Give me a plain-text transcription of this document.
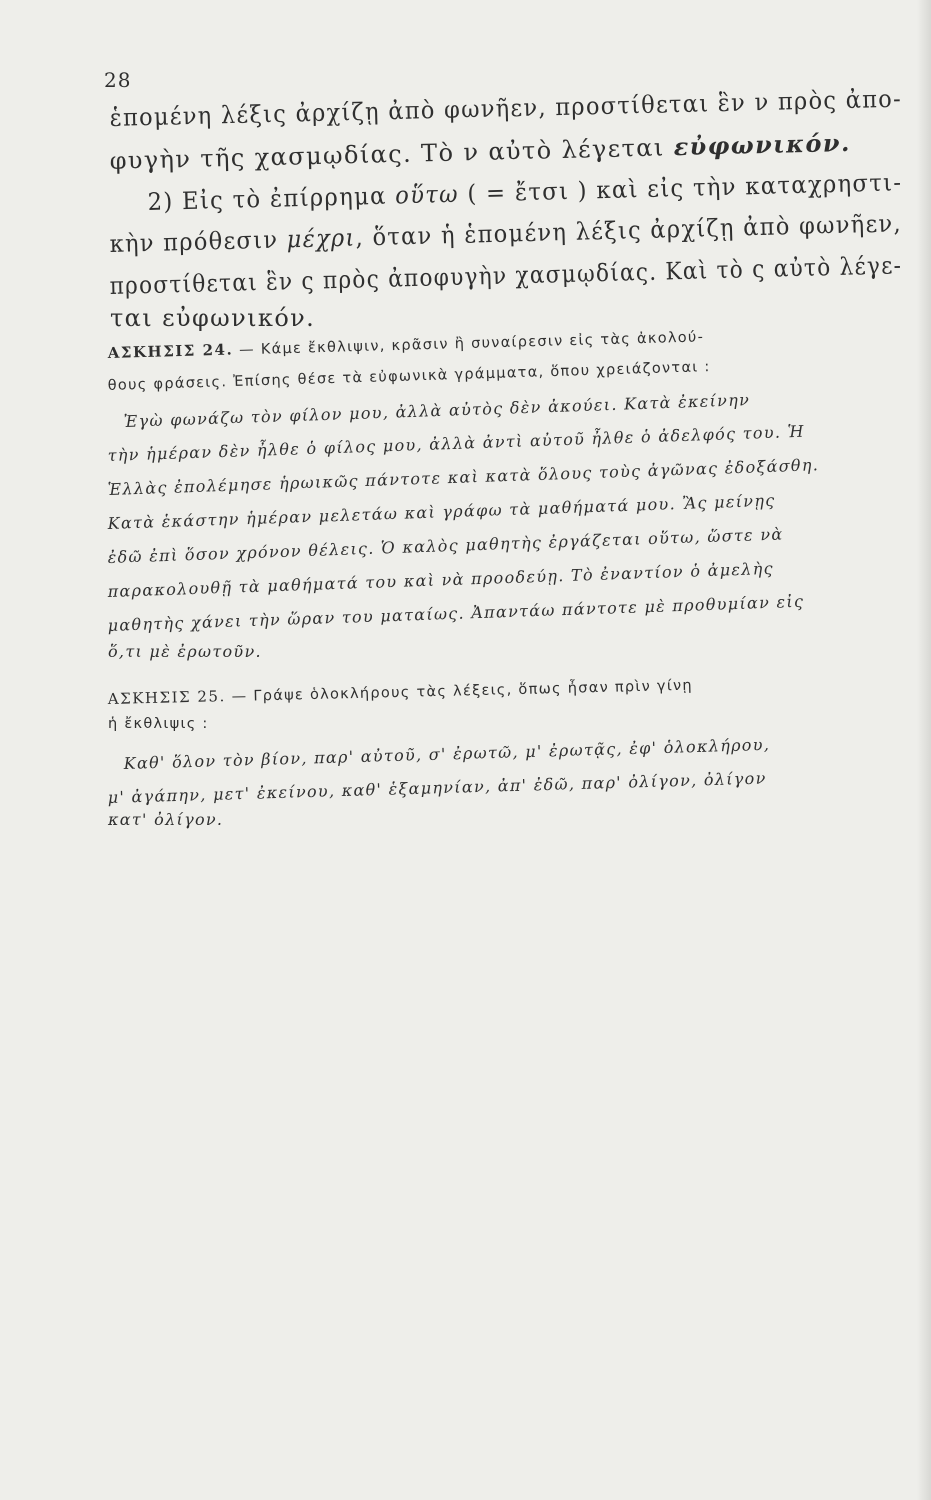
28
ἑπομένη λέξις ἀρχίζῃ ἀπὸ φωνῆεν, προστίθεται ἓν ν πρὸς ἀπο-
φυγὴν τῆς χασμῳδίας. Τὸ ν αὐτὸ λέγεται εὐφωνικόν.
2) Εἰς τὸ ἐπίρρημα οὕτω ( = ἔτσι ) καὶ εἰς τὴν καταχρηστι-
κὴν πρόθεσιν μέχρι, ὅταν ἡ ἑπομένη λέξις ἀρχίζῃ ἀπὸ φωνῆεν,
προστίθεται ἓν ς πρὸς ἀποφυγὴν χασμῳδίας. Καὶ τὸ ς αὐτὸ λέγε-
ται εὐφωνικόν.
ΑΣΚΗΣΙΣ 24. — Κάμε ἔκθλιψιν, κρᾶσιν ἢ συναίρεσιν εἰς τὰς ἀκολού-
θους φράσεις. Ἐπίσης θέσε τὰ εὐφωνικὰ γράμματα, ὅπου χρειάζονται :
Ἐγὼ φωνάζω τὸν φίλον μου, ἀλλὰ αὐτὸς δὲν ἀκούει. Κατὰ ἐκείνην
τὴν ἡμέραν δὲν ἦλθε ὁ φίλος μου, ἀλλὰ ἀντὶ αὐτοῦ ἦλθε ὁ ἀδελφός του. Ἡ
Ἑλλὰς ἐπολέμησε ἡρωικῶς πάντοτε καὶ κατὰ ὅλους τοὺς ἀγῶνας ἐδοξάσθη.
Κατὰ ἑκάστην ἡμέραν μελετάω καὶ γράφω τὰ μαθήματά μου. Ἂς μείνῃς
ἐδῶ ἐπὶ ὅσον χρόνον θέλεις. Ὁ καλὸς μαθητὴς ἐργάζεται οὕτω, ὥστε νὰ
παρακολουθῇ τὰ μαθήματά του καὶ νὰ προοδεύῃ. Τὸ ἐναντίον ὁ ἀμελὴς
μαθητὴς χάνει τὴν ὥραν του ματαίως. Ἀπαντάω πάντοτε μὲ προθυμίαν εἰς
ὅ,τι μὲ ἐρωτοῦν.
ΑΣΚΗΣΙΣ 25. — Γράψε ὁλοκλήρους τὰς λέξεις, ὅπως ἦσαν πρὶν γίνῃ
ἡ ἔκθλιψις :
Καθ' ὅλον τὸν βίον, παρ' αὐτοῦ, σ' ἐρωτῶ, μ' ἐρωτᾷς, ἐφ' ὁλοκλήρου,
μ' ἀγάπην, μετ' ἐκείνου, καθ' ἑξαμηνίαν, ἀπ' ἐδῶ, παρ' ὀλίγον, ὀλίγον
κατ' ὀλίγον.
